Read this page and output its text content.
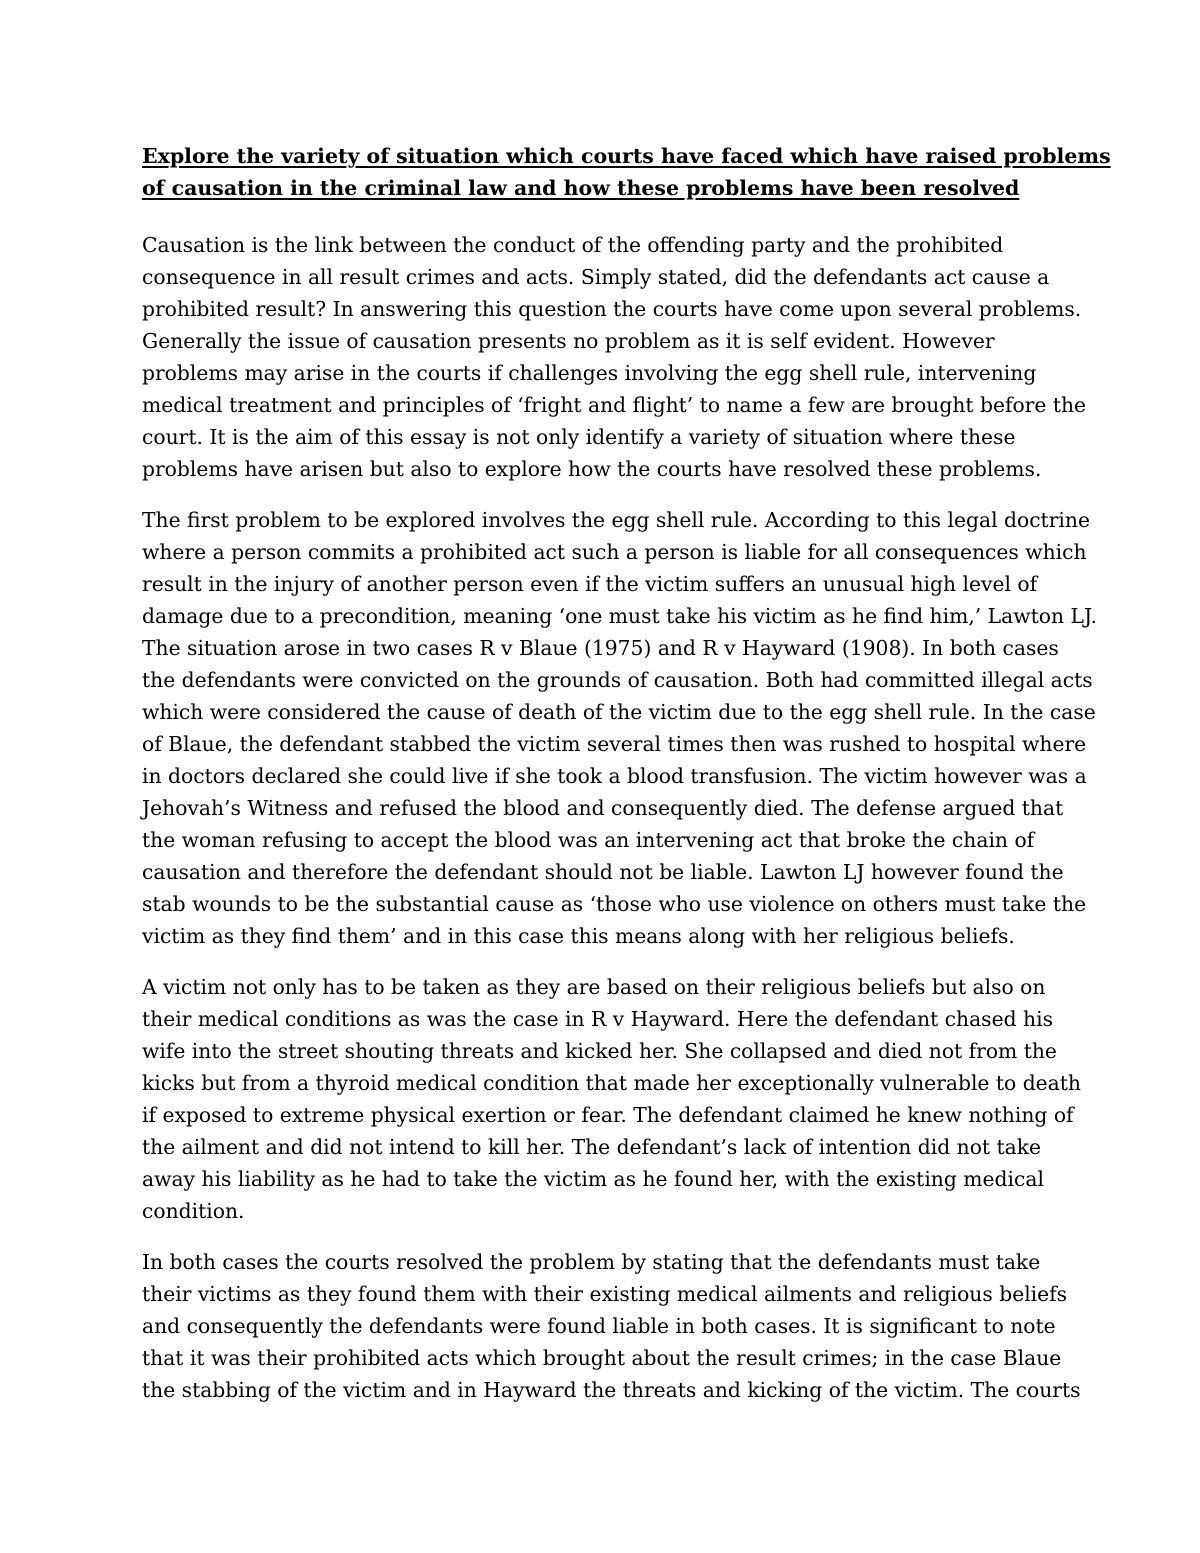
Explore the variety of situation which courts have faced which have raised problems
of causation in the criminal law and how these problems have been resolved
Causation is the link between the conduct of the offending party and the prohibited
consequence in all result crimes and acts. Simply stated, did the defendants act cause a
prohibited result? In answering this question the courts have come upon several problems.
Generally the issue of causation presents no problem as it is self evident. However
problems may arise in the courts if challenges involving the egg shell rule, intervening
medical treatment and principles of ‘fright and flight’ to name a few are brought before the
court. It is the aim of this essay is not only identify a variety of situation where these
problems have arisen but also to explore how the courts have resolved these problems.
The first problem to be explored involves the egg shell rule. According to this legal doctrine
where a person commits a prohibited act such a person is liable for all consequences which
result in the injury of another person even if the victim suffers an unusual high level of
damage due to a precondition, meaning ‘one must take his victim as he find him,’ Lawton LJ.
The situation arose in two cases R v Blaue (1975) and R v Hayward (1908). In both cases
the defendants were convicted on the grounds of causation. Both had committed illegal acts
which were considered the cause of death of the victim due to the egg shell rule. In the case
of Blaue, the defendant stabbed the victim several times then was rushed to hospital where
in doctors declared she could live if she took a blood transfusion. The victim however was a
Jehovah’s Witness and refused the blood and consequently died. The defense argued that
the woman refusing to accept the blood was an intervening act that broke the chain of
causation and therefore the defendant should not be liable. Lawton LJ however found the
stab wounds to be the substantial cause as ‘those who use violence on others must take the
victim as they find them’ and in this case this means along with her religious beliefs.
A victim not only has to be taken as they are based on their religious beliefs but also on
their medical conditions as was the case in R v Hayward. Here the defendant chased his
wife into the street shouting threats and kicked her. She collapsed and died not from the
kicks but from a thyroid medical condition that made her exceptionally vulnerable to death
if exposed to extreme physical exertion or fear. The defendant claimed he knew nothing of
the ailment and did not intend to kill her. The defendant’s lack of intention did not take
away his liability as he had to take the victim as he found her, with the existing medical
condition.
In both cases the courts resolved the problem by stating that the defendants must take
their victims as they found them with their existing medical ailments and religious beliefs
and consequently the defendants were found liable in both cases. It is significant to note
that it was their prohibited acts which brought about the result crimes; in the case Blaue
the stabbing of the victim and in Hayward the threats and kicking of the victim. The courts
